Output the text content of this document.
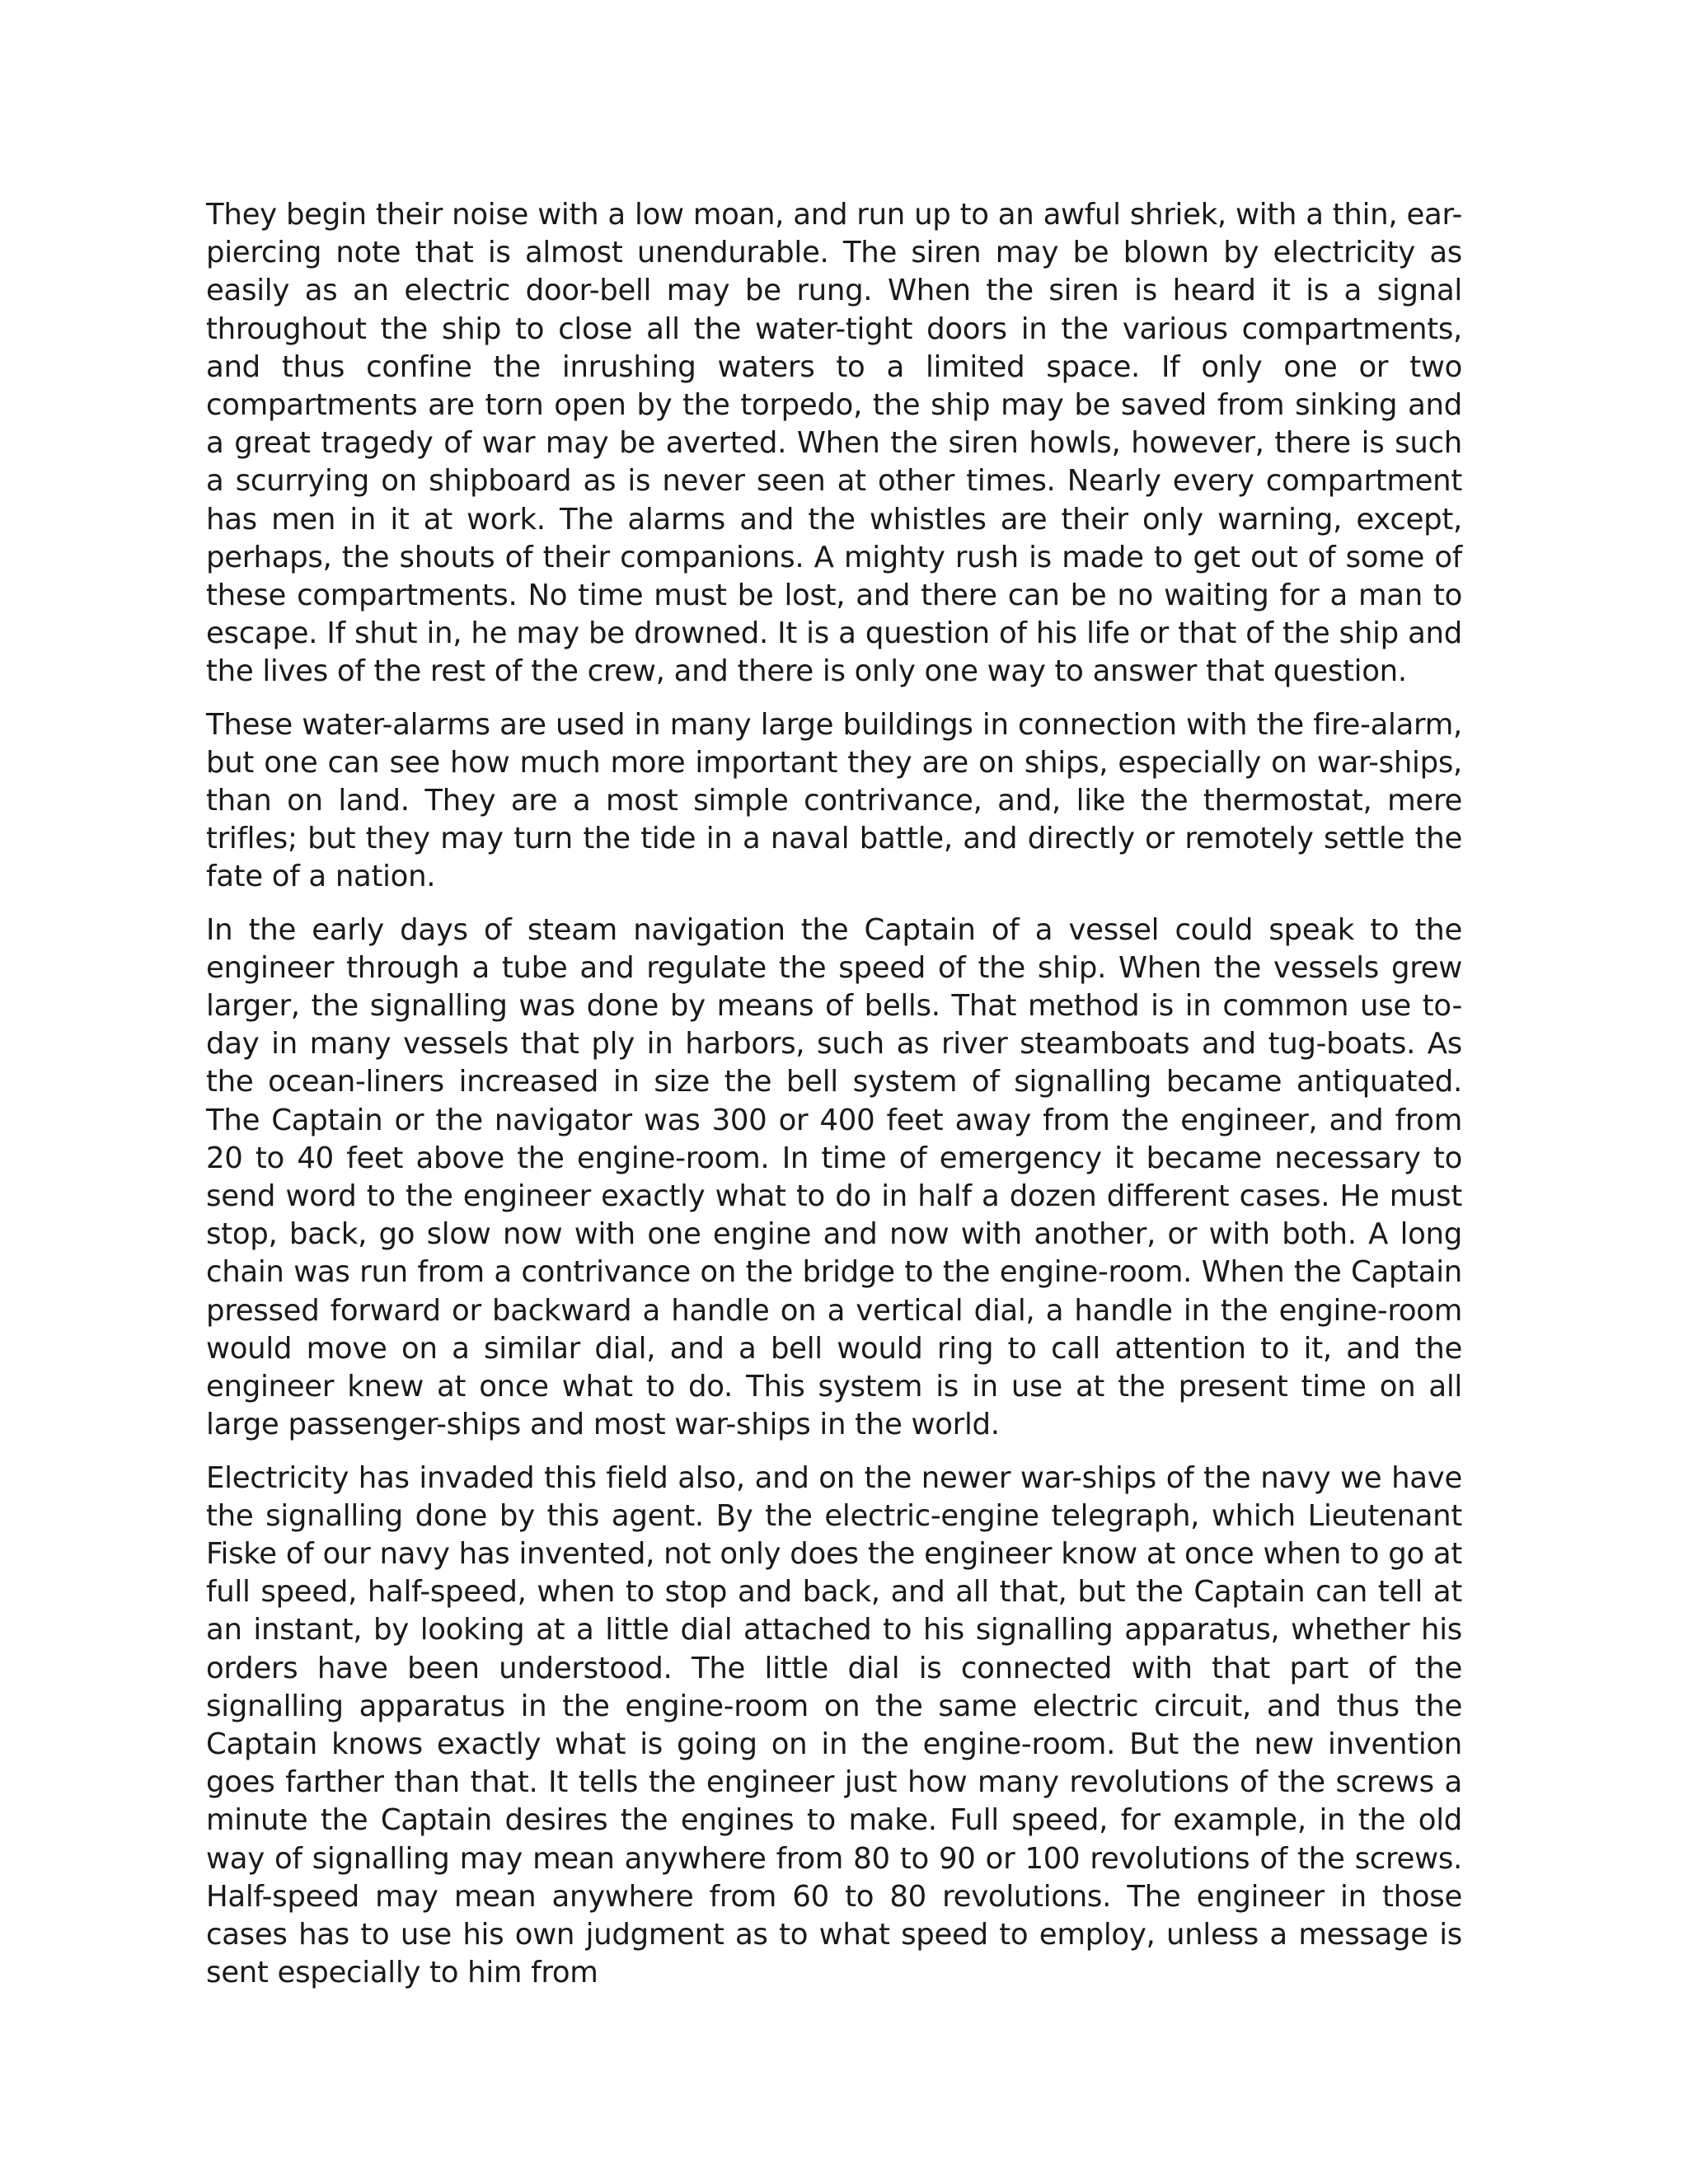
They begin their noise with a low moan, and run up to an awful shriek, with a thin, ear-piercing note that is almost unendurable. The siren may be blown by electricity as easily as an electric door-bell may be rung. When the siren is heard it is a signal throughout the ship to close all the water-tight doors in the various compartments, and thus confine the inrushing waters to a limited space. If only one or two compartments are torn open by the torpedo, the ship may be saved from sinking and a great tragedy of war may be averted. When the siren howls, however, there is such a scurrying on shipboard as is never seen at other times. Nearly every compartment has men in it at work. The alarms and the whistles are their only warning, except, perhaps, the shouts of their companions. A mighty rush is made to get out of some of these compartments. No time must be lost, and there can be no waiting for a man to escape. If shut in, he may be drowned. It is a question of his life or that of the ship and the lives of the rest of the crew, and there is only one way to answer that question.

These water-alarms are used in many large buildings in connection with the fire-alarm, but one can see how much more important they are on ships, especially on war-ships, than on land. They are a most simple contrivance, and, like the thermostat, mere trifles; but they may turn the tide in a naval battle, and directly or remotely settle the fate of a nation.

In the early days of steam navigation the Captain of a vessel could speak to the engineer through a tube and regulate the speed of the ship. When the vessels grew larger, the signalling was done by means of bells. That method is in common use to-day in many vessels that ply in harbors, such as river steamboats and tug-boats. As the ocean-liners increased in size the bell system of signalling became antiquated. The Captain or the navigator was 300 or 400 feet away from the engineer, and from 20 to 40 feet above the engine-room. In time of emergency it became necessary to send word to the engineer exactly what to do in half a dozen different cases. He must stop, back, go slow now with one engine and now with another, or with both. A long chain was run from a contrivance on the bridge to the engine-room. When the Captain pressed forward or backward a handle on a vertical dial, a handle in the engine-room would move on a similar dial, and a bell would ring to call attention to it, and the engineer knew at once what to do. This system is in use at the present time on all large passenger-ships and most war-ships in the world.

Electricity has invaded this field also, and on the newer war-ships of the navy we have the signalling done by this agent. By the electric-engine telegraph, which Lieutenant Fiske of our navy has invented, not only does the engineer know at once when to go at full speed, half-speed, when to stop and back, and all that, but the Captain can tell at an instant, by looking at a little dial attached to his signalling apparatus, whether his orders have been understood. The little dial is connected with that part of the signalling apparatus in the engine-room on the same electric circuit, and thus the Captain knows exactly what is going on in the engine-room. But the new invention goes farther than that. It tells the engineer just how many revolutions of the screws a minute the Captain desires the engines to make. Full speed, for example, in the old way of signalling may mean anywhere from 80 to 90 or 100 revolutions of the screws. Half-speed may mean anywhere from 60 to 80 revolutions. The engineer in those cases has to use his own judgment as to what speed to employ, unless a message is sent especially to him from
